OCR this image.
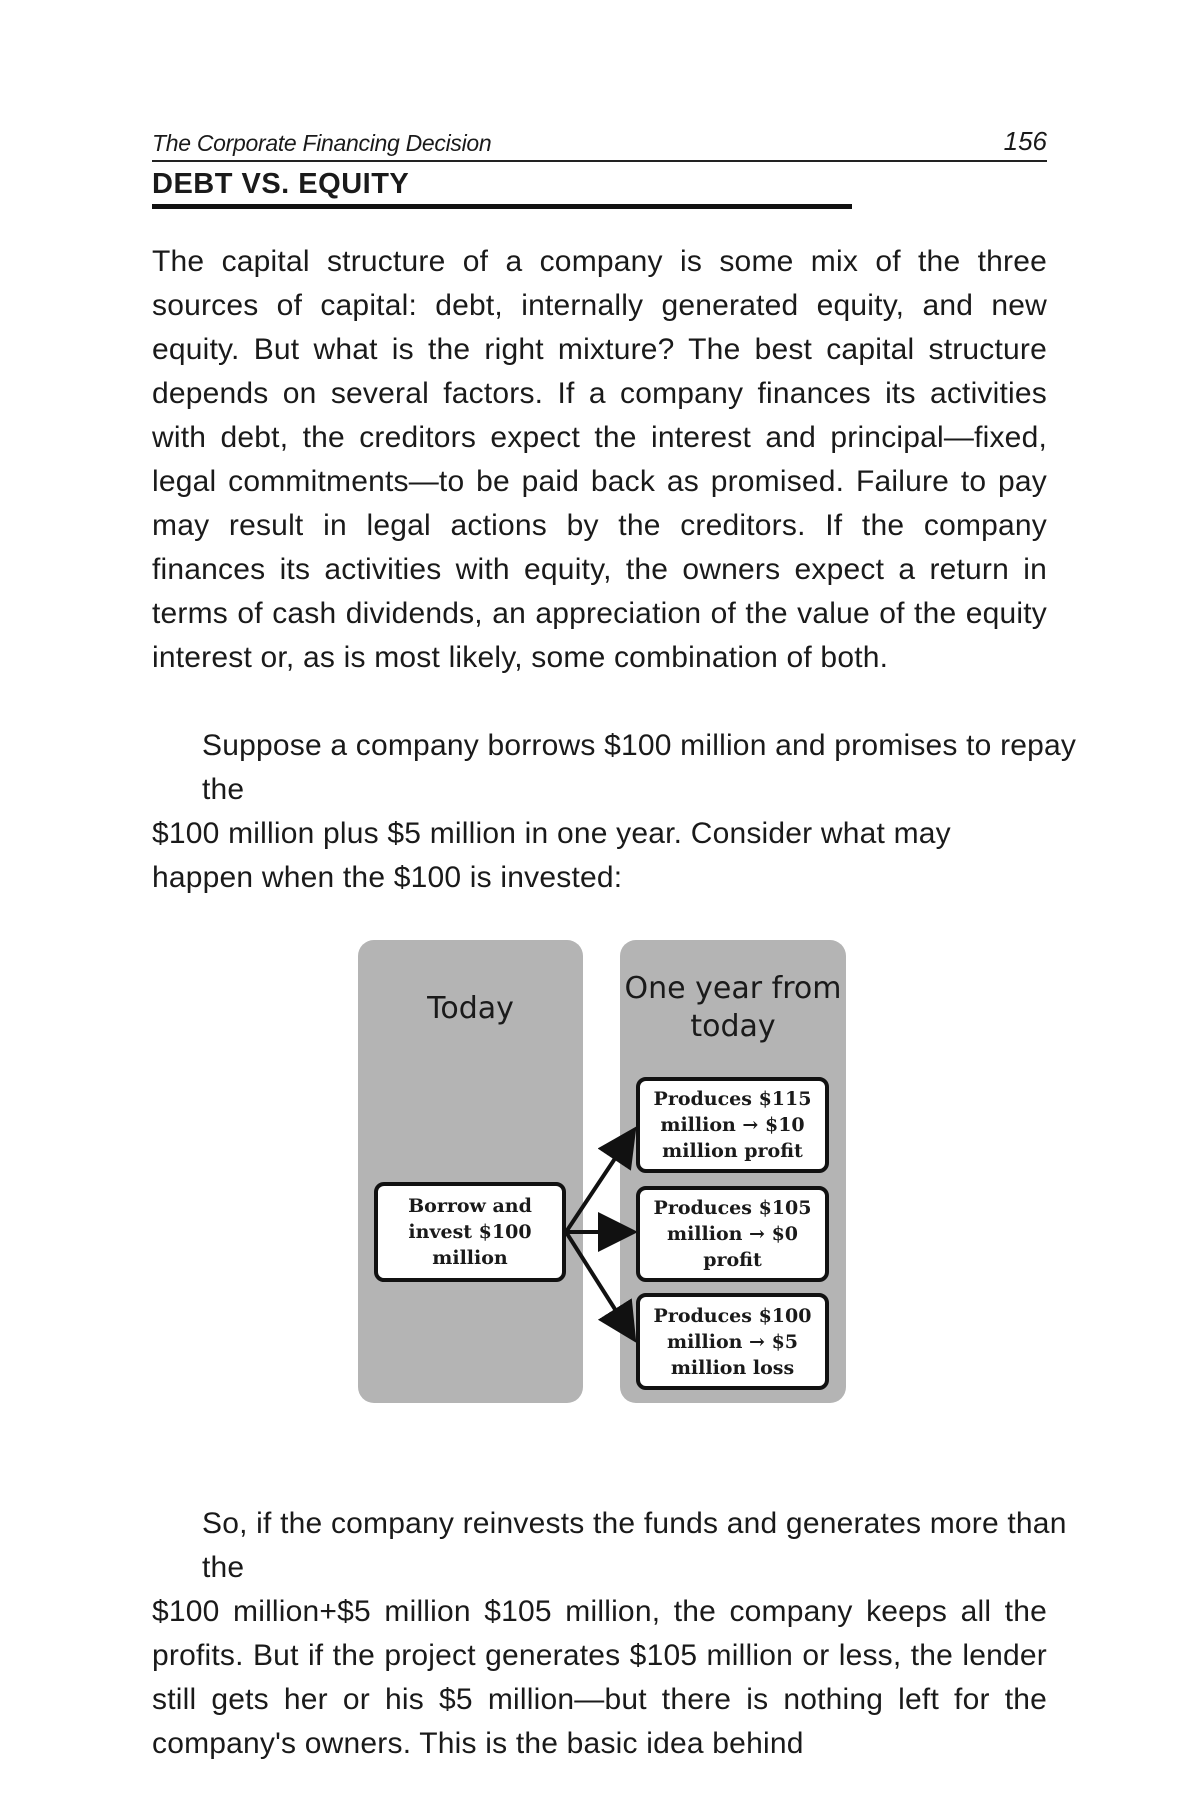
The Corporate Financing Decision	156
DEBT VS. EQUITY
The capital structure of a company is some mix of the three sources of capital: debt, internally generated equity, and new equity. But what is the right mixture? The best capital structure depends on several factors. If a company finances its activities with debt, the creditors expect the interest and principal—fixed, legal commitments—to be paid back as promised. Failure to pay may result in legal actions by the creditors. If the company finances its activities with equity, the owners expect a return in terms of cash dividends, an appreciation of the value of the equity interest or, as is most likely, some combination of both.
Suppose a company borrows $100 million and promises to repay the
$100 million plus $5 million in one year. Consider what may happen when the $100 is invested:
Today
One year from today
Borrow and invest $100 million
Produces $115 million → $10 million profit
Produces $105 million → $0 profit
Produces $100 million → $5 million loss
So, if the company reinvests the funds and generates more than the
$100 million+$5 million $105 million, the company keeps all the profits. But if the project generates $105 million or less, the lender still gets her or his $5 million—but there is nothing left for the company's owners. This is the basic idea behind
